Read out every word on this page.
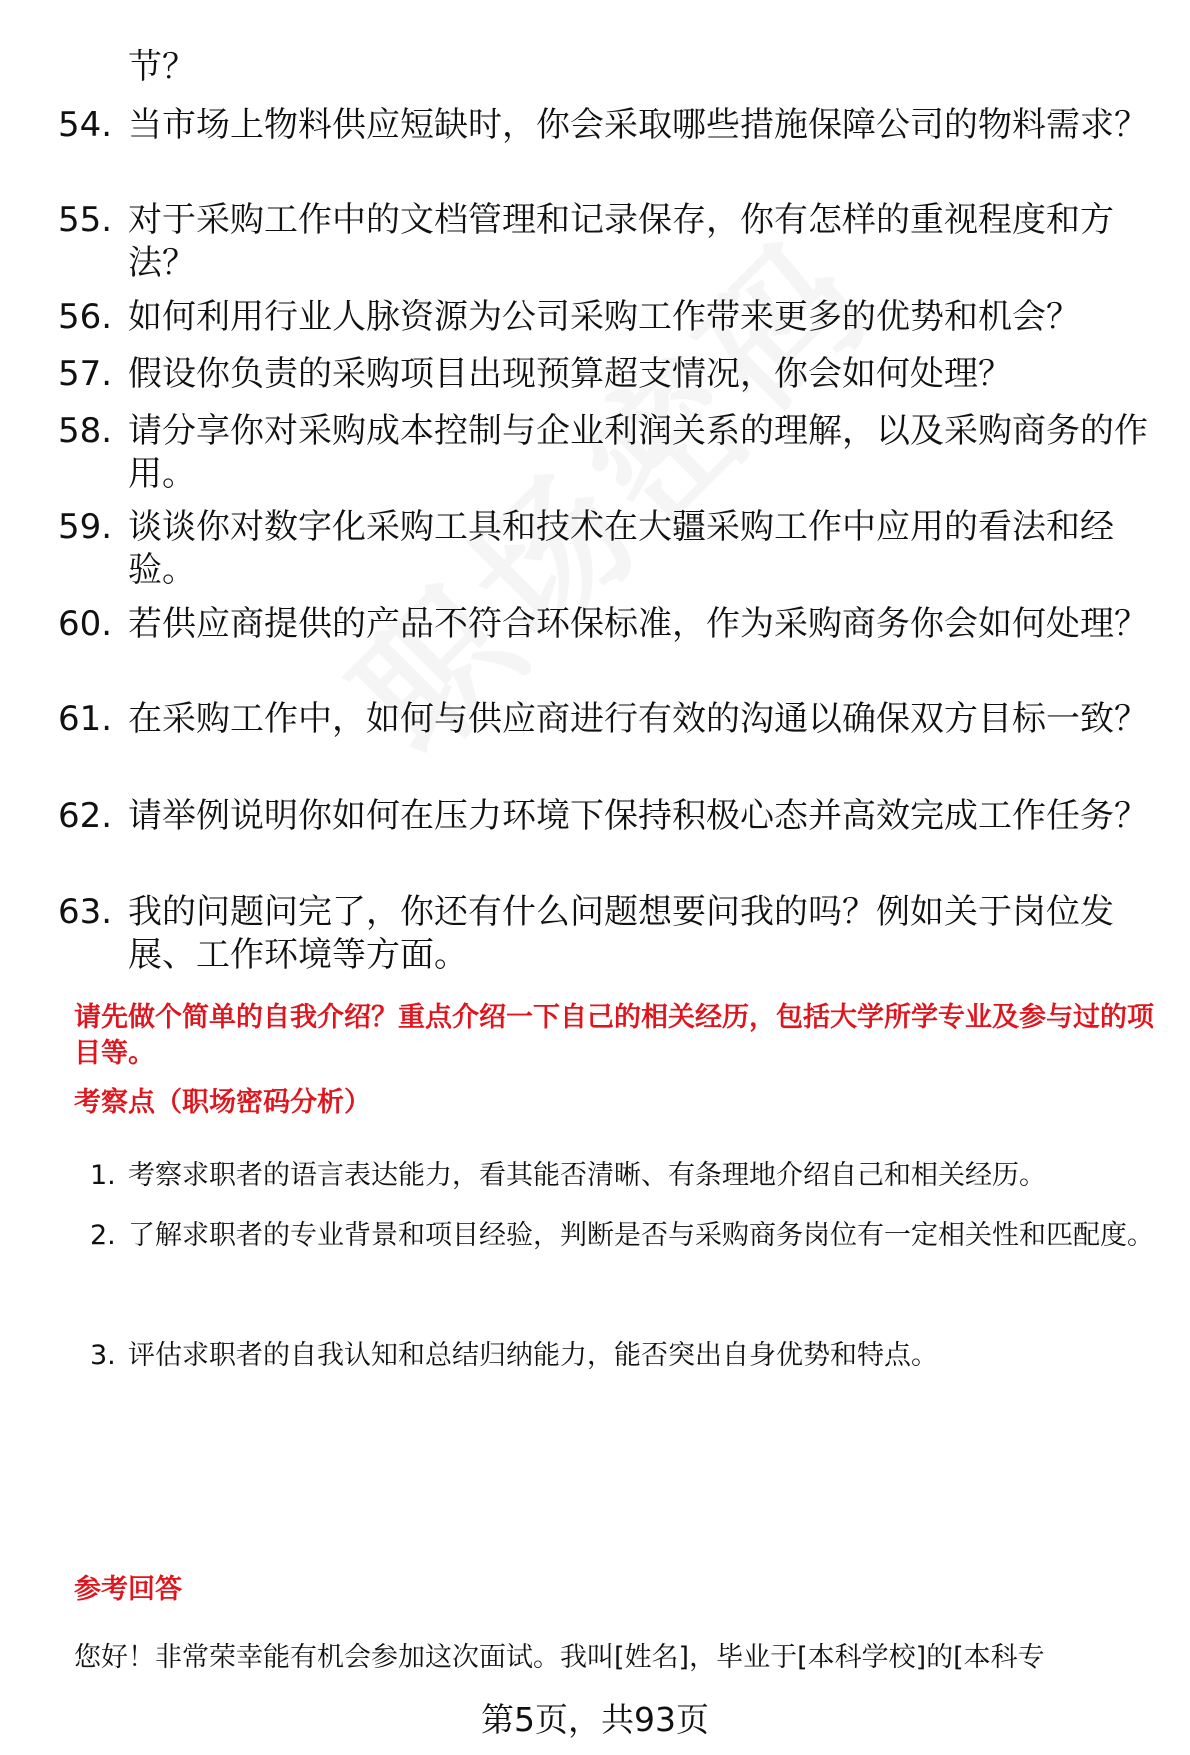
节？
54. 当市场上物料供应短缺时，你会采取哪些措施保障公司的物料需求？
55. 对于采购工作中的文档管理和记录保存，你有怎样的重视程度和方法？
56. 如何利用行业人脉资源为公司采购工作带来更多的优势和机会？
57. 假设你负责的采购项目出现预算超支情况，你会如何处理？
58. 请分享你对采购成本控制与企业利润关系的理解，以及采购商务的作用。
59. 谈谈你对数字化采购工具和技术在大疆采购工作中应用的看法和经验。
60. 若供应商提供的产品不符合环保标准，作为采购商务你会如何处理？
61. 在采购工作中，如何与供应商进行有效的沟通以确保双方目标一致？
62. 请举例说明你如何在压力环境下保持积极心态并高效完成工作任务？
63. 我的问题问完了，你还有什么问题想要问我的吗？例如关于岗位发展、工作环境等方面。
请先做个简单的自我介绍？重点介绍一下自己的相关经历，包括大学所学专业及参与过的项目等。
考察点（职场密码分析）
1. 考察求职者的语言表达能力，看其能否清晰、有条理地介绍自己和相关经历。
2. 了解求职者的专业背景和项目经验，判断是否与采购商务岗位有一定相关性和匹配度。
3. 评估求职者的自我认知和总结归纳能力，能否突出自身优势和特点。
参考回答
您好！非常荣幸能有机会参加这次面试。我叫[姓名]，毕业于[本科学校]的[本科专
第5页，共93页
